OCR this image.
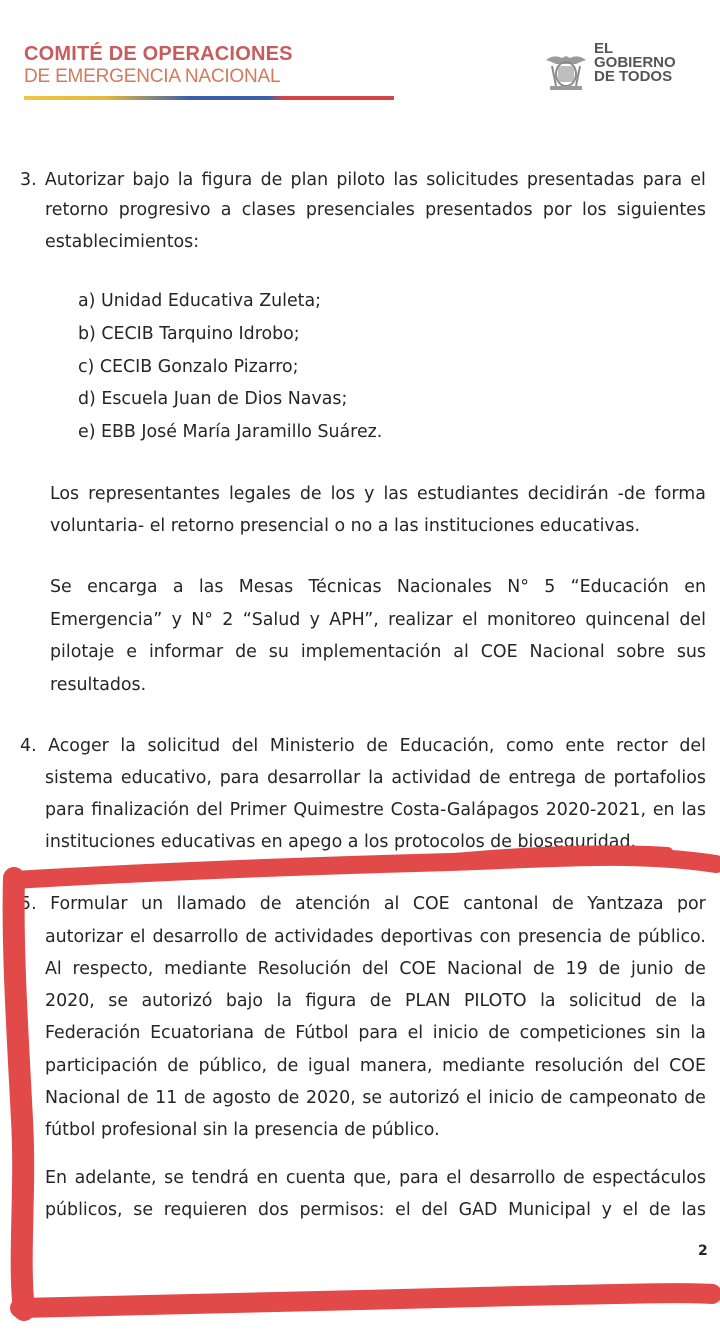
COMITÉ DE OPERACIONES
DE EMERGENCIA NACIONAL
EL
GOBIERNO
DE TODOS
3. Autorizar bajo la figura de plan piloto las solicitudes presentadas para el
retorno progresivo a clases presenciales presentados por los siguientes
establecimientos:
a) Unidad Educativa Zuleta;
b) CECIB Tarquino Idrobo;
c) CECIB Gonzalo Pizarro;
d) Escuela Juan de Dios Navas;
e) EBB José María Jaramillo Suárez.
Los representantes legales de los y las estudiantes decidirán -de forma
voluntaria- el retorno presencial o no a las instituciones educativas.
Se encarga a las Mesas Técnicas Nacionales N° 5 “Educación en
Emergencia” y N° 2 “Salud y APH”, realizar el monitoreo quincenal del
pilotaje e informar de su implementación al COE Nacional sobre sus
resultados.
4. Acoger la solicitud del Ministerio de Educación, como ente rector del
sistema educativo, para desarrollar la actividad de entrega de portafolios
para finalización del Primer Quimestre Costa-Galápagos 2020-2021, en las
instituciones educativas en apego a los protocolos de bioseguridad.
5. Formular un llamado de atención al COE cantonal de Yantzaza por
autorizar el desarrollo de actividades deportivas con presencia de público.
Al respecto, mediante Resolución del COE Nacional de 19 de junio de
2020, se autorizó bajo la figura de PLAN PILOTO la solicitud de la
Federación Ecuatoriana de Fútbol para el inicio de competiciones sin la
participación de público, de igual manera, mediante resolución del COE
Nacional de 11 de agosto de 2020, se autorizó el inicio de campeonato de
fútbol profesional sin la presencia de público.
En adelante, se tendrá en cuenta que, para el desarrollo de espectáculos
públicos, se requieren dos permisos: el del GAD Municipal y el de las
2
